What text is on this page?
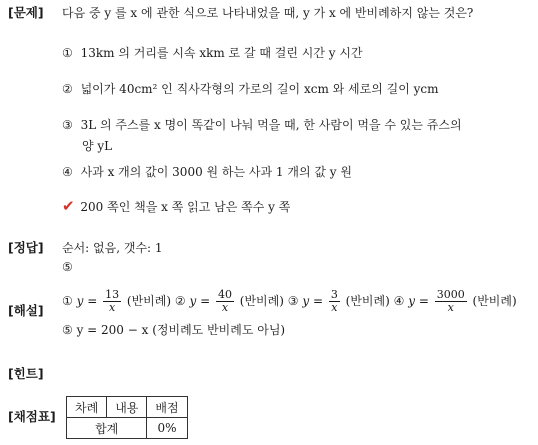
[문제] 다음 중 y 를 x 에 관한 식으로 나타내었을 때, y 가 x 에 반비례하지 않는 것은?
① 13km 의 거리를 시속 xkm 로 갈 때 걸린 시간 y 시간
② 넓이가 40cm² 인 직사각형의 가로의 길이 xcm 와 세로의 길이 ycm
③ 3L 의 주스를 x 명이 똑같이 나눠 먹을 때, 한 사람이 먹을 수 있는 쥬스의
양 yL
④ 사과 x 개의 값이 3000 원 하는 사과 1 개의 값 y 원
✔ 200 쪽인 책을 x 쪽 읽고 남은 쪽수 y 쪽
[정답] 순서: 없음, 갯수: 1
⑤
[해설]
① $y = \frac{13}{x}$ (반비례) ② $y = \frac{40}{x}$ (반비례) ③ $y = \frac{3}{x}$ (반비례) ④ $y = \frac{3000}{x}$ (반비례)
⑤ y = 200 − x (정비례도 반비례도 아님)
[힌트]
[채점표]
차례	내용	배점
합계		0%
